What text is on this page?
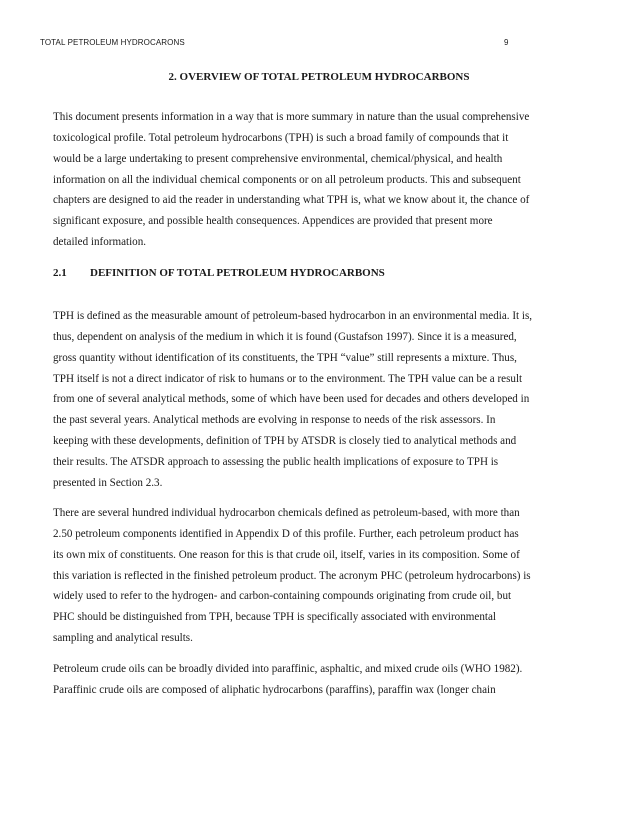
TOTAL PETROLEUM HYDROCARONS	9
2. OVERVIEW OF TOTAL PETROLEUM HYDROCARBONS

This document presents information in a way that is more summary in nature than the usual comprehensive
toxicological profile. Total petroleum hydrocarbons (TPH) is such a broad family of compounds that it
would be a large undertaking to present comprehensive environmental, chemical/physical, and health
information on all the individual chemical components or on all petroleum products. This and subsequent
chapters are designed to aid the reader in understanding what TPH is, what we know about it, the chance of
significant exposure, and possible health consequences. Appendices are provided that present more
detailed information.

2.1 DEFINITION OF TOTAL PETROLEUM HYDROCARBONS

TPH is defined as the measurable amount of petroleum-based hydrocarbon in an environmental media. It is,
thus, dependent on analysis of the medium in which it is found (Gustafson 1997). Since it is a measured,
gross quantity without identification of its constituents, the TPH “value” still represents a mixture. Thus,
TPH itself is not a direct indicator of risk to humans or to the environment. The TPH value can be a result
from one of several analytical methods, some of which have been used for decades and others developed in
the past several years. Analytical methods are evolving in response to needs of the risk assessors. In
keeping with these developments, definition of TPH by ATSDR is closely tied to analytical methods and
their results. The ATSDR approach to assessing the public health implications of exposure to TPH is
presented in Section 2.3.

There are several hundred individual hydrocarbon chemicals defined as petroleum-based, with more than
2.50 petroleum components identified in Appendix D of this profile. Further, each petroleum product has
its own mix of constituents. One reason for this is that crude oil, itself, varies in its composition. Some of
this variation is reflected in the finished petroleum product. The acronym PHC (petroleum hydrocarbons) is
widely used to refer to the hydrogen- and carbon-containing compounds originating from crude oil, but
PHC should be distinguished from TPH, because TPH is specifically associated with environmental
sampling and analytical results.

Petroleum crude oils can be broadly divided into paraffinic, asphaltic, and mixed crude oils (WHO 1982).
Paraffinic crude oils are composed of aliphatic hydrocarbons (paraffins), paraffin wax (longer chain
